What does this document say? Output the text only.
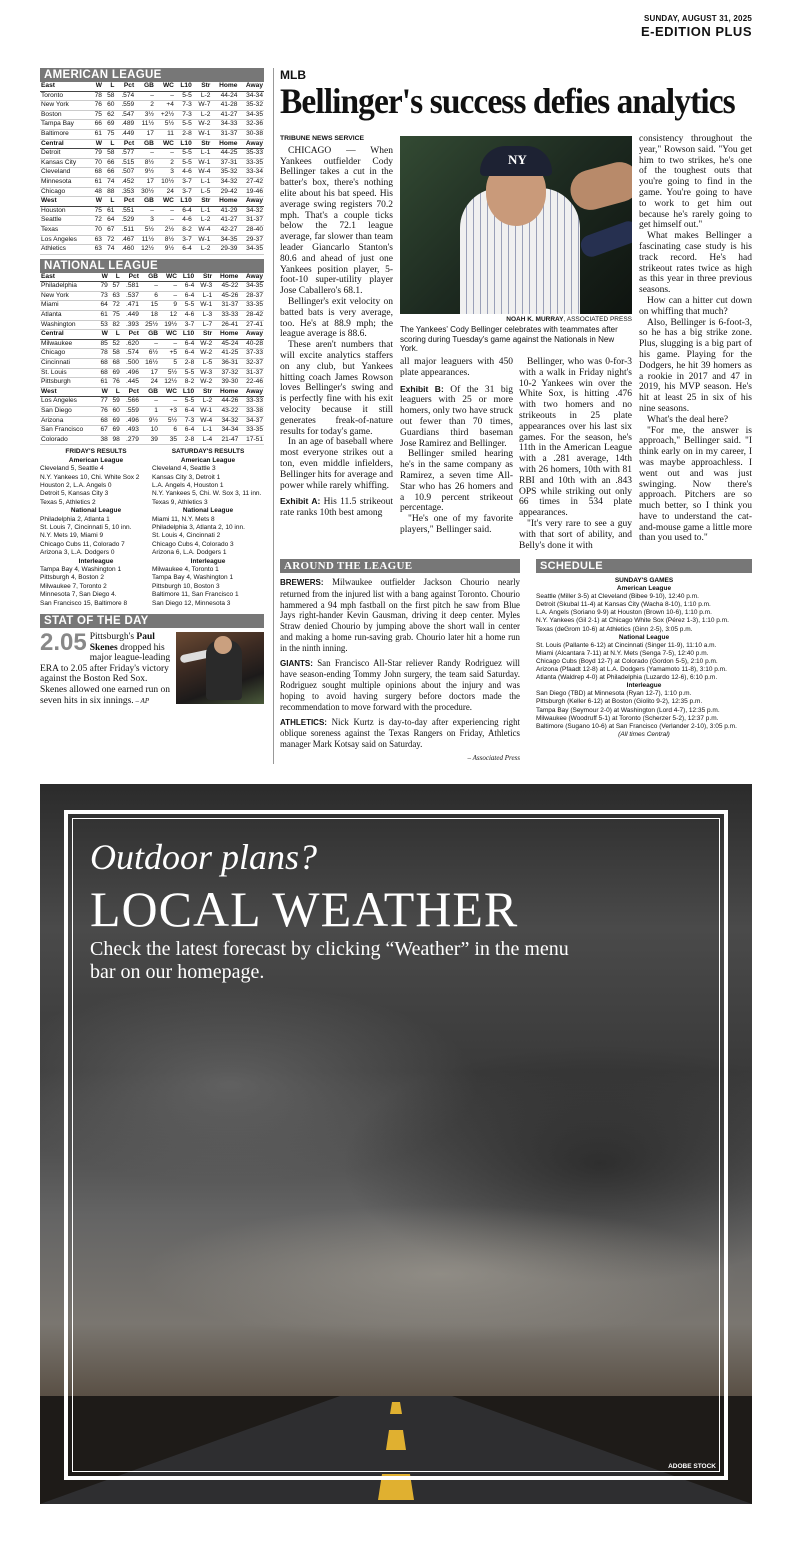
SUNDAY, AUGUST 31, 2025
E-EDITION PLUS
AMERICAN LEAGUE
East	W	L	Pct	GB	WC	L10	Str	Home	Away
Toronto	78	58	.574	–	–	5-5	L-2	44-24	34-34
New York	76	60	.559	2	+4	7-3	W-7	41-28	35-32
Boston	75	62	.547	3½	+2½	7-3	L-2	41-27	34-35
Tampa Bay	66	69	.489	11½	5½	5-5	W-2	34-33	32-36
Baltimore	61	75	.449	17	11	2-8	W-1	31-37	30-38
Central	W	L	Pct	GB	WC	L10	Str	Home	Away
Detroit	79	58	.577	–	–	5-5	L-1	44-25	35-33
Kansas City	70	66	.515	8½	2	5-5	W-1	37-31	33-35
Cleveland	68	66	.507	9½	3	4-6	W-4	35-32	33-34
Minnesota	61	74	.452	17	10½	3-7	L-1	34-32	27-42
Chicago	48	88	.353	30½	24	3-7	L-5	29-42	19-46
West	W	L	Pct	GB	WC	L10	Str	Home	Away
Houston	75	61	.551	–	–	6-4	L-1	41-29	34-32
Seattle	72	64	.529	3	–	4-6	L-2	41-27	31-37
Texas	70	67	.511	5½	2½	8-2	W-4	42-27	28-40
Los Angeles	63	72	.467	11½	8½	3-7	W-1	34-35	29-37
Athletics	63	74	.460	12½	9½	6-4	L-2	29-39	34-35
NATIONAL LEAGUE
East	W	L	Pct	GB	WC	L10	Str	Home	Away
Philadelphia	79	57	.581	–	–	6-4	W-3	45-22	34-35
New York	73	63	.537	6	–	6-4	L-1	45-26	28-37
Miami	64	72	.471	15	9	5-5	W-1	31-37	33-35
Atlanta	61	75	.449	18	12	4-6	L-3	33-33	28-42
Washington	53	82	.393	25½	19½	3-7	L-7	26-41	27-41
Central	W	L	Pct	GB	WC	L10	Str	Home	Away
Milwaukee	85	52	.620	–	–	6-4	W-2	45-24	40-28
Chicago	78	58	.574	6½	+5	6-4	W-2	41-25	37-33
Cincinnati	68	68	.500	16½	5	2-8	L-5	36-31	32-37
St. Louis	68	69	.496	17	5½	5-5	W-3	37-32	31-37
Pittsburgh	61	76	.445	24	12½	8-2	W-2	39-30	22-46
West	W	L	Pct	GB	WC	L10	Str	Home	Away
Los Angeles	77	59	.566	–	–	5-5	L-2	44-26	33-33
San Diego	76	60	.559	1	+3	6-4	W-1	43-22	33-38
Arizona	68	69	.496	9½	5½	7-3	W-4	34-32	34-37
San Francisco	67	69	.493	10	6	6-4	L-1	34-34	33-35
Colorado	38	98	.279	39	35	2-8	L-4	21-47	17-51
FRIDAY'S RESULTS
American League
Cleveland 5, Seattle 4
N.Y. Yankees 10, Chi. White Sox 2
Houston 2, L.A. Angels 0
Detroit 5, Kansas City 3
Texas 5, Athletics 2
National League
Philadelphia 2, Atlanta 1
St. Louis 7, Cincinnati 5, 10 inn.
N.Y. Mets 19, Miami 9
Chicago Cubs 11, Colorado 7
Arizona 3, L.A. Dodgers 0
Interleague
Tampa Bay 4, Washington 1
Pittsburgh 4, Boston 2
Milwaukee 7, Toronto 2
Minnesota 7, San Diego 4.
San Francisco 15, Baltimore 8
SATURDAY'S RESULTS
American League
Cleveland 4, Seattle 3
Kansas City 3, Detroit 1
L.A. Angels 4, Houston 1
N.Y. Yankees 5, Chi. W. Sox 3, 11 inn.
Texas 9, Athletics 3
National League
Miami 11, N.Y. Mets 8
Philadelphia 3, Atlanta 2, 10 inn.
St. Louis 4, Cincinnati 2
Chicago Cubs 4, Colorado 3
Arizona 6, L.A. Dodgers 1
Interleague
Milwaukee 4, Toronto 1
Tampa Bay 4, Washington 1
Pittsburgh 10, Boston 3
Baltimore 11, San Francisco 1
San Diego 12, Minnesota 3
STAT OF THE DAY
2.05 Pittsburgh's Paul Skenes dropped his major league-leading ERA to 2.05 after Friday's victory against the Boston Red Sox. Skenes allowed one earned run on seven hits in six innings. – AP
MLB
Bellinger's success defies analytics
TRIBUNE NEWS SERVICE

CHICAGO — When Yankees outfielder Cody Bellinger takes a cut in the batter's box, there's nothing elite about his bat speed. His average swing registers 70.2 mph. That's a couple ticks below the 72.1 league average, far slower than team leader Giancarlo Stanton's 80.6 and ahead of just one Yankees position player, 5-foot-10 super-utility player Jose Caballero's 68.1.

Bellinger's exit velocity on batted bats is very average, too. He's at 88.9 mph; the league average is 88.6.

These aren't numbers that will excite analytics staffers on any club, but Yankees hitting coach James Rowson loves Bellinger's swing and is perfectly fine with his exit velocity because it still generates freak-of-nature results for today's game.

In an age of baseball where most everyone strikes out a ton, even middle infielders, Bellinger hits for average and power while rarely whiffing.

Exhibit A: His 11.5 strikeout rate ranks 10th best among

NY
NOAH K. MURRAY, ASSOCIATED PRESS
The Yankees' Cody Bellinger celebrates with teammates after scoring during Tuesday's game against the Nationals in New York.

all major leaguers with 450 plate appearances.

Exhibit B: Of the 31 big leaguers with 25 or more homers, only two have struck out fewer than 70 times, Guardians third baseman Jose Ramirez and Bellinger.

Bellinger smiled hearing he's in the same company as Ramirez, a seven time All-Star who has 26 homers and a 10.9 percent strikeout percentage.

"He's one of my favorite players," Bellinger said.

Bellinger, who was 0-for-3 with a walk in Friday night's 10-2 Yankees win over the White Sox, is hitting .476 with two homers and no strikeouts in 25 plate appearances over his last six games. For the season, he's 11th in the American League with a .281 average, 14th with 26 homers, 10th with 81 RBI and 10th with an .843 OPS while striking out only 66 times in 534 plate appearances.

"It's very rare to see a guy with that sort of ability, and Belly's done it with

consistency throughout the year," Rowson said. "You get him to two strikes, he's one of the toughest outs that you're going to find in the game. You're going to have to work to get him out because he's rarely going to get himself out."

What makes Bellinger a fascinating case study is his track record. He's had strikeout rates twice as high as this year in three previous seasons.

How can a hitter cut down on whiffing that much?

Also, Bellinger is 6-foot-3, so he has a big strike zone. Plus, slugging is a big part of his game. Playing for the Dodgers, he hit 39 homers as a rookie in 2017 and 47 in 2019, his MVP season. He's hit at least 25 in six of his nine seasons.

What's the deal here?

"For me, the answer is approach," Bellinger said. "I think early on in my career, I was maybe approachless. I went out and was just swinging. Now there's approach. Pitchers are so much better, so I think you have to understand the cat-and-mouse game a little more than you used to."

AROUND THE LEAGUE

BREWERS: Milwaukee outfielder Jackson Chourio nearly returned from the injured list with a bang against Toronto. Chourio hammered a 94 mph fastball on the first pitch he saw from Blue Jays right-hander Kevin Gausman, driving it deep center. Myles Straw denied Chourio by jumping above the short wall in center and making a home run-saving grab. Chourio later hit a home run in the ninth inning.

GIANTS: San Francisco All-Star reliever Randy Rodriguez will have season-ending Tommy John surgery, the team said Saturday. Rodriguez sought multiple opinions about the injury and was hoping to avoid having surgery before doctors made the recommendation to move forward with the procedure.

ATHLETICS: Nick Kurtz is day-to-day after experiencing right oblique soreness against the Texas Rangers on Friday, Athletics manager Mark Kotsay said on Saturday.

– Associated Press
SCHEDULE
SUNDAY'S GAMES
American League
Seattle (Miller 3-5) at Cleveland (Bibee 9-10), 12:40 p.m.
Detroit (Skubal 11-4) at Kansas City (Wacha 8-10), 1:10 p.m.
L.A. Angels (Soriano 9-9) at Houston (Brown 10-6), 1:10 p.m.
N.Y. Yankees (Gil 2-1) at Chicago White Sox (Pérez 1-3), 1:10 p.m.
Texas (deGrom 10-6) at Athletics (Ginn 2-5), 3:05 p.m.
National League
St. Louis (Pallante 6-12) at Cincinnati (Singer 11-9), 11:10 a.m.
Miami (Alcantara 7-11) at N.Y. Mets (Senga 7-5), 12:40 p.m.
Chicago Cubs (Boyd 12-7) at Colorado (Gordon 5-5), 2:10 p.m.
Arizona (Pfaadt 12-8) at L.A. Dodgers (Yamamoto 11-8), 3:10 p.m.
Atlanta (Waldrep 4-0) at Philadelphia (Luzardo 12-6), 6:10 p.m.
Interleague
San Diego (TBD) at Minnesota (Ryan 12-7), 1:10 p.m.
Pittsburgh (Keller 6-12) at Boston (Giolito 9-2), 12:35 p.m.
Tampa Bay (Seymour 2-0) at Washington (Lord 4-7), 12:35 p.m.
Milwaukee (Woodruff 5-1) at Toronto (Scherzer 5-2), 12:37 p.m.
Baltimore (Sugano 10-6) at San Francisco (Verlander 2-10), 3:05 p.m.
(All times Central)
Outdoor plans?
LOCAL WEATHER
Check the latest forecast by clicking “Weather” in the menu bar on our homepage.
ADOBE STOCK
